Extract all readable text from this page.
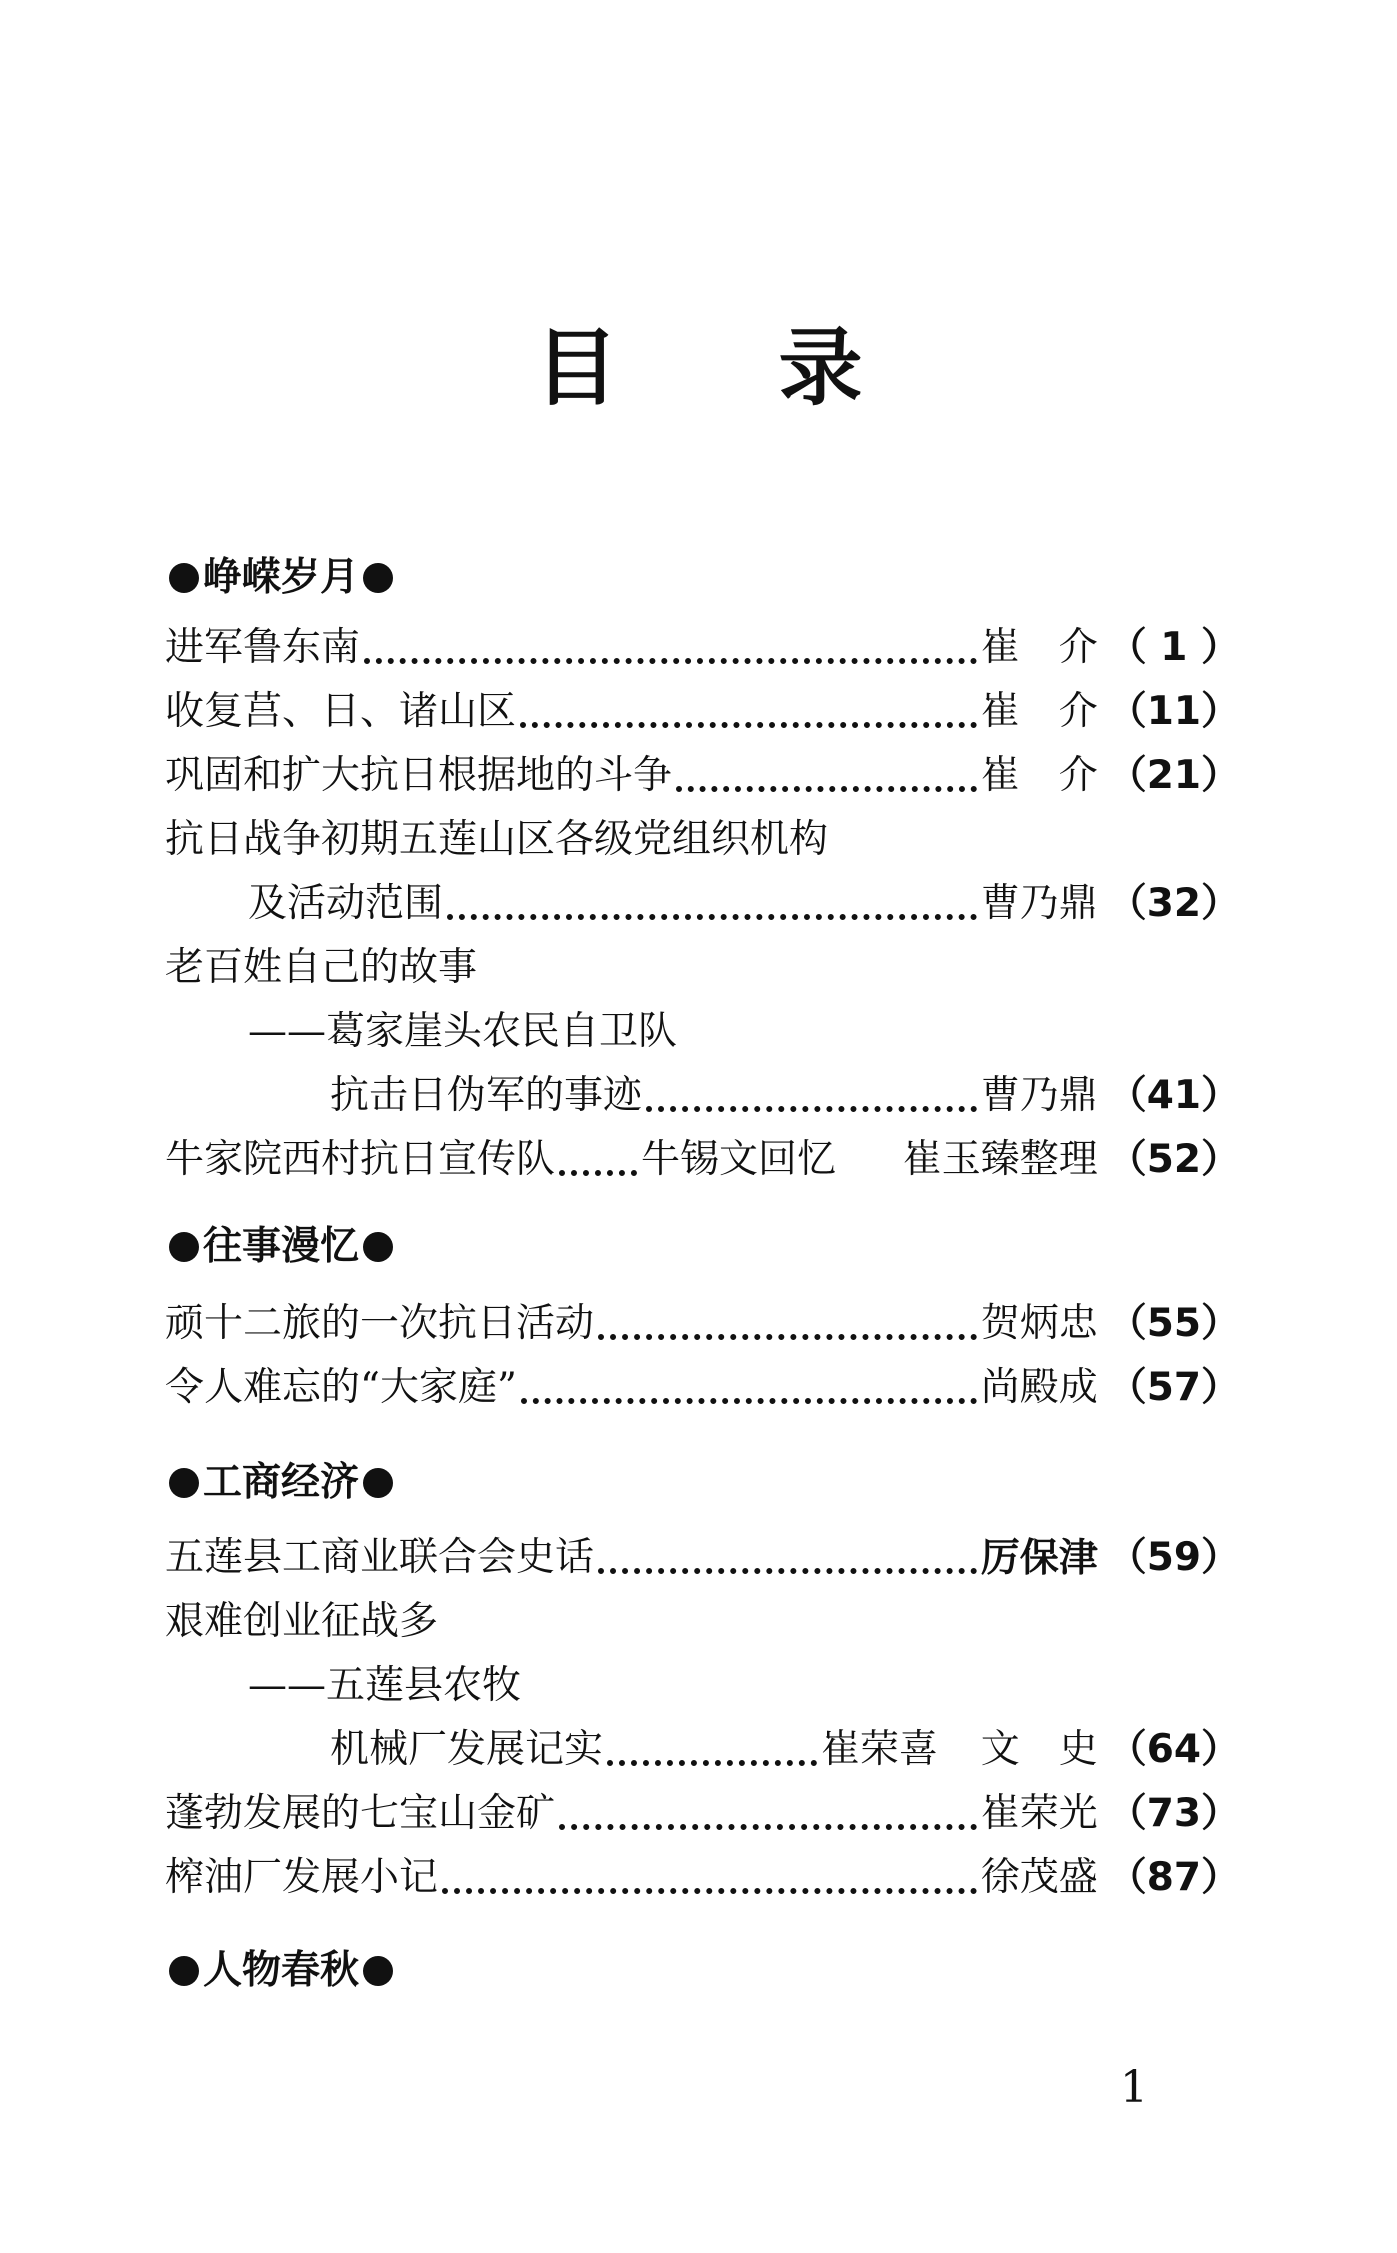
目录
峥嵘岁月
进军鲁东南	崔　介 （ 1 ）
收复莒、日、诸山区	崔　介 （11）
巩固和扩大抗日根据地的斗争	崔　介 （21）
抗日战争初期五莲山区各级党组织机构
及活动范围	曹乃鼎 （32）
老百姓自己的故事
——葛家崖头农民自卫队
抗击日伪军的事迹	曹乃鼎 （41）
牛家院西村抗日宣传队 牛锡文回忆	崔玉臻整理 （52）
往事漫忆
顽十二旅的一次抗日活动	贺炳忠 （55）
令人难忘的“大家庭”	尚殿成 （57）
工商经济
五莲县工商业联合会史话	厉保津 （59）
艰难创业征战多
——五莲县农牧
机械厂发展记实	崔荣喜	文　史 （64）
蓬勃发展的七宝山金矿	崔荣光 （73）
榨油厂发展小记	徐茂盛 （87）
人物春秋
1
